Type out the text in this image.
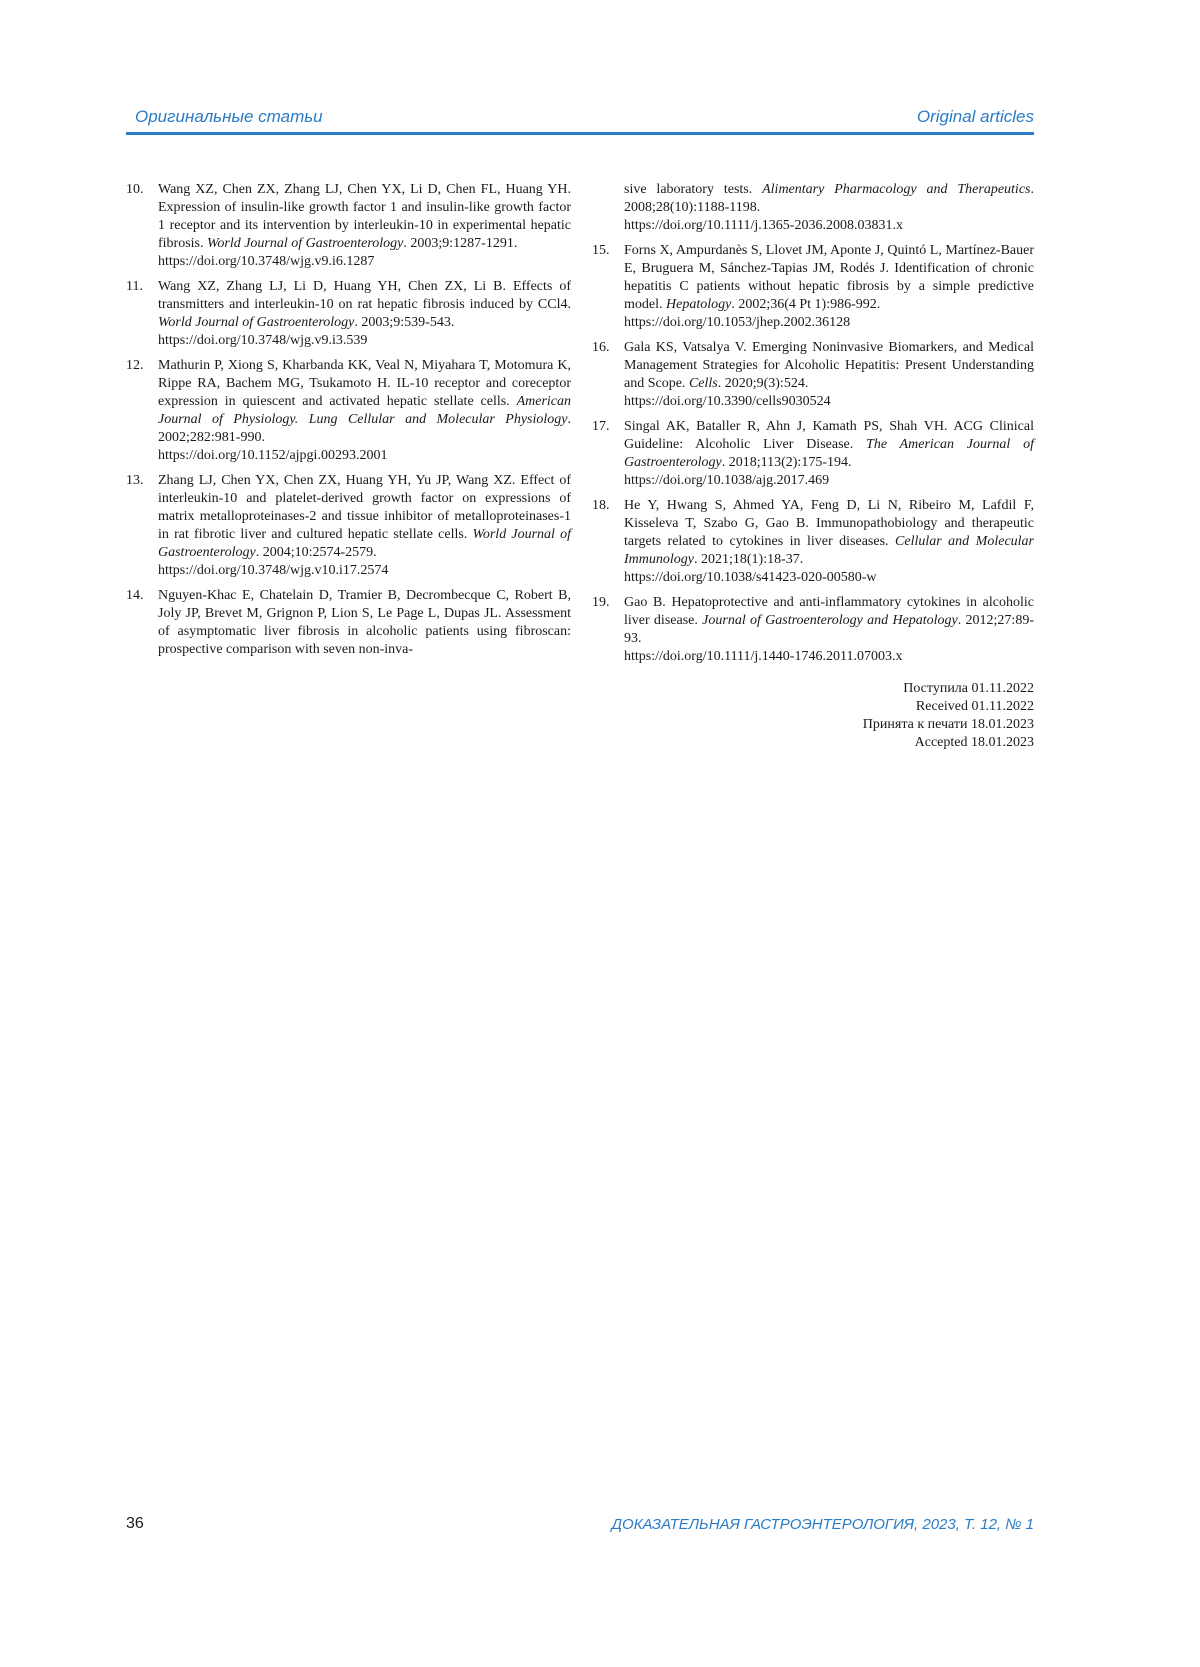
Оригинальные статьи	Original articles
10.	Wang XZ, Chen ZX, Zhang LJ, Chen YX, Li D, Chen FL, Huang YH. Expression of insulin-like growth factor 1 and insulin-like growth factor 1 receptor and its intervention by interleukin-10 in experimental hepatic fibrosis. World Journal of Gastroenterology. 2003;9:1287-1291.
https://doi.org/10.3748/wjg.v9.i6.1287
11.	Wang XZ, Zhang LJ, Li D, Huang YH, Chen ZX, Li B. Effects of transmitters and interleukin-10 on rat hepatic fibrosis induced by CCl4. World Journal of Gastroenterology. 2003;9:539-543.
https://doi.org/10.3748/wjg.v9.i3.539
12.	Mathurin P, Xiong S, Kharbanda KK, Veal N, Miyahara T, Motomura K, Rippe RA, Bachem MG, Tsukamoto H. IL-10 receptor and coreceptor expression in quiescent and activated hepatic stellate cells. American Journal of Physiology. Lung Cellular and Molecular Physiology. 2002;282:981-990.
https://doi.org/10.1152/ajpgi.00293.2001
13.	Zhang LJ, Chen YX, Chen ZX, Huang YH, Yu JP, Wang XZ. Effect of interleukin-10 and platelet-derived growth factor on expressions of matrix metalloproteinases-2 and tissue inhibitor of metalloproteinases-1 in rat fibrotic liver and cultured hepatic stellate cells. World Journal of Gastroenterology. 2004;10:2574-2579.
https://doi.org/10.3748/wjg.v10.i17.2574
14.	Nguyen-Khac E, Chatelain D, Tramier B, Decrombecque C, Robert B, Joly JP, Brevet M, Grignon P, Lion S, Le Page L, Dupas JL. Assessment of asymptomatic liver fibrosis in alcoholic patients using fibroscan: prospective comparison with seven non-inva-
sive laboratory tests. Alimentary Pharmacology and Therapeutics. 2008;28(10):1188-1198.
https://doi.org/10.1111/j.1365-2036.2008.03831.x
15.	Forns X, Ampurdanès S, Llovet JM, Aponte J, Quintó L, Martínez-Bauer E, Bruguera M, Sánchez-Tapias JM, Rodés J. Identification of chronic hepatitis C patients without hepatic fibrosis by a simple predictive model. Hepatology. 2002;36(4 Pt 1):986-992.
https://doi.org/10.1053/jhep.2002.36128
16.	Gala KS, Vatsalya V. Emerging Noninvasive Biomarkers, and Medical Management Strategies for Alcoholic Hepatitis: Present Understanding and Scope. Cells. 2020;9(3):524.
https://doi.org/10.3390/cells9030524
17.	Singal AK, Bataller R, Ahn J, Kamath PS, Shah VH. ACG Clinical Guideline: Alcoholic Liver Disease. The American Journal of Gastroenterology. 2018;113(2):175-194.
https://doi.org/10.1038/ajg.2017.469
18.	He Y, Hwang S, Ahmed YA, Feng D, Li N, Ribeiro M, Lafdil F, Kisseleva T, Szabo G, Gao B. Immunopathobiology and therapeutic targets related to cytokines in liver diseases. Cellular and Molecular Immunology. 2021;18(1):18-37.
https://doi.org/10.1038/s41423-020-00580-w
19.	Gao B. Hepatoprotective and anti-inflammatory cytokines in alcoholic liver disease. Journal of Gastroenterology and Hepatology. 2012;27:89-93.
https://doi.org/10.1111/j.1440-1746.2011.07003.x
Поступила 01.11.2022
Received 01.11.2022
Принята к печати 18.01.2023
Accepted 18.01.2023
36	ДОКАЗАТЕЛЬНАЯ ГАСТРОЭНТЕРОЛОГИЯ, 2023, Т. 12, № 1
